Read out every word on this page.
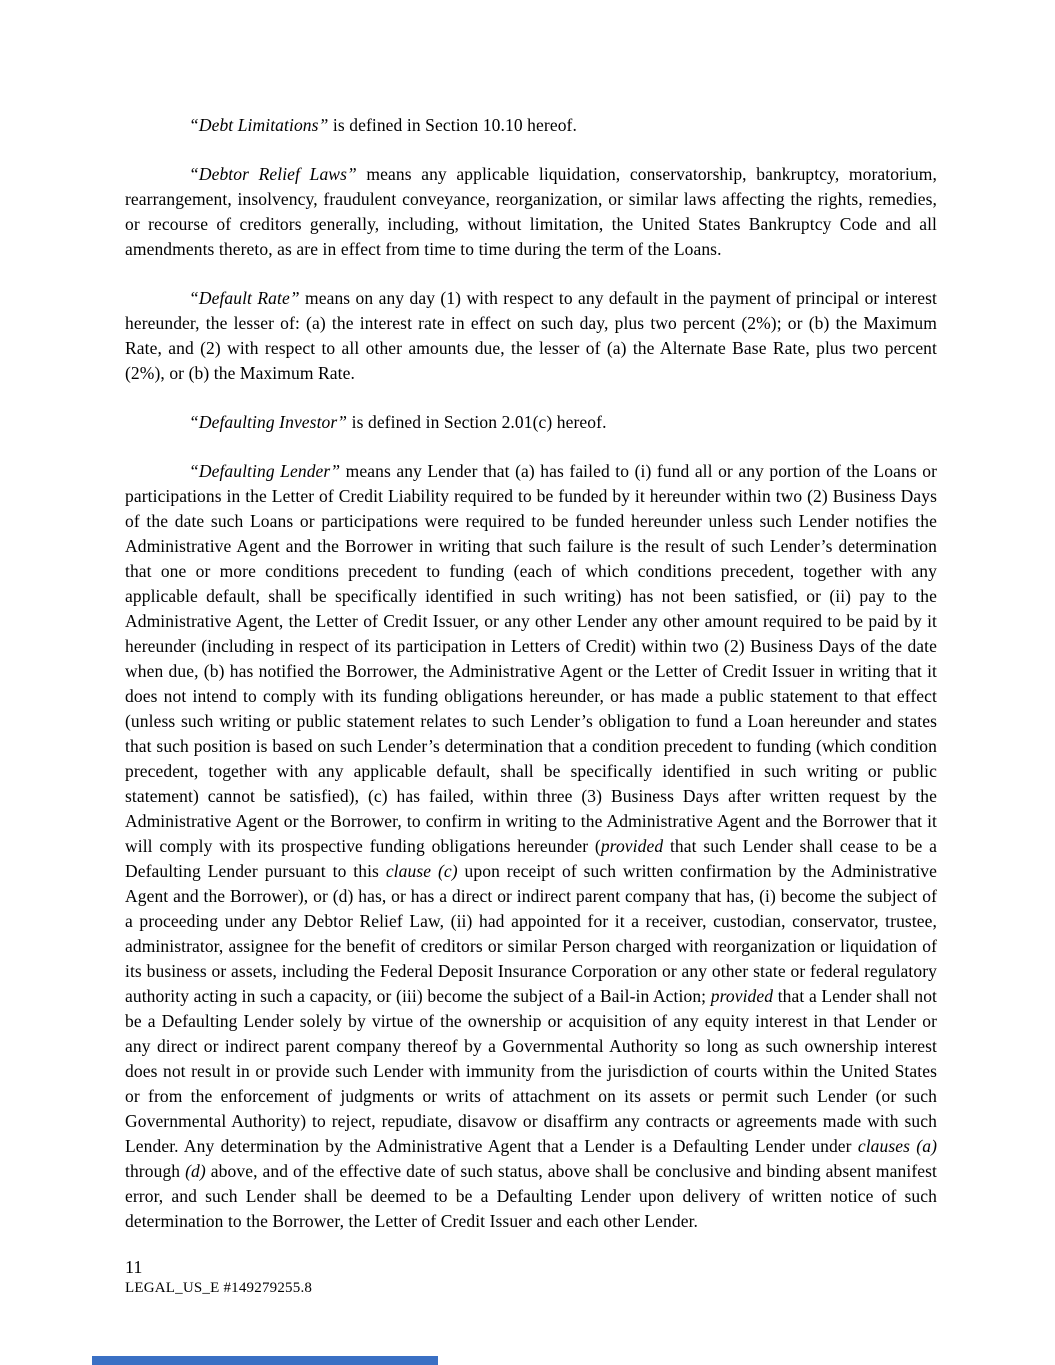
“Debt Limitations” is defined in Section 10.10 hereof.

“Debtor Relief Laws” means any applicable liquidation, conservatorship, bankruptcy, moratorium, rearrangement, insolvency, fraudulent conveyance, reorganization, or similar laws affecting the rights, remedies, or recourse of creditors generally, including, without limitation, the United States Bankruptcy Code and all amendments thereto, as are in effect from time to time during the term of the Loans.

“Default Rate” means on any day (1) with respect to any default in the payment of principal or interest hereunder, the lesser of: (a) the interest rate in effect on such day, plus two percent (2%); or (b) the Maximum Rate, and (2) with respect to all other amounts due, the lesser of (a) the Alternate Base Rate, plus two percent (2%), or (b) the Maximum Rate.

“Defaulting Investor” is defined in Section 2.01(c) hereof.

“Defaulting Lender” means any Lender that (a) has failed to (i) fund all or any portion of the Loans or participations in the Letter of Credit Liability required to be funded by it hereunder within two (2) Business Days of the date such Loans or participations were required to be funded hereunder unless such Lender notifies the Administrative Agent and the Borrower in writing that such failure is the result of such Lender’s determination that one or more conditions precedent to funding (each of which conditions precedent, together with any applicable default, shall be specifically identified in such writing) has not been satisfied, or (ii) pay to the Administrative Agent, the Letter of Credit Issuer, or any other Lender any other amount required to be paid by it hereunder (including in respect of its participation in Letters of Credit) within two (2) Business Days of the date when due, (b) has notified the Borrower, the Administrative Agent or the Letter of Credit Issuer in writing that it does not intend to comply with its funding obligations hereunder, or has made a public statement to that effect (unless such writing or public statement relates to such Lender’s obligation to fund a Loan hereunder and states that such position is based on such Lender’s determination that a condition precedent to funding (which condition precedent, together with any applicable default, shall be specifically identified in such writing or public statement) cannot be satisfied), (c) has failed, within three (3) Business Days after written request by the Administrative Agent or the Borrower, to confirm in writing to the Administrative Agent and the Borrower that it will comply with its prospective funding obligations hereunder (provided that such Lender shall cease to be a Defaulting Lender pursuant to this clause (c) upon receipt of such written confirmation by the Administrative Agent and the Borrower), or (d) has, or has a direct or indirect parent company that has, (i) become the subject of a proceeding under any Debtor Relief Law, (ii) had appointed for it a receiver, custodian, conservator, trustee, administrator, assignee for the benefit of creditors or similar Person charged with reorganization or liquidation of its business or assets, including the Federal Deposit Insurance Corporation or any other state or federal regulatory authority acting in such a capacity, or (iii) become the subject of a Bail-in Action; provided that a Lender shall not be a Defaulting Lender solely by virtue of the ownership or acquisition of any equity interest in that Lender or any direct or indirect parent company thereof by a Governmental Authority so long as such ownership interest does not result in or provide such Lender with immunity from the jurisdiction of courts within the United States or from the enforcement of judgments or writs of attachment on its assets or permit such Lender (or such Governmental Authority) to reject, repudiate, disavow or disaffirm any contracts or agreements made with such Lender. Any determination by the Administrative Agent that a Lender is a Defaulting Lender under clauses (a) through (d) above, and of the effective date of such status, above shall be conclusive and binding absent manifest error, and such Lender shall be deemed to be a Defaulting Lender upon delivery of written notice of such determination to the Borrower, the Letter of Credit Issuer and each other Lender.

11
LEGAL_US_E #149279255.8
